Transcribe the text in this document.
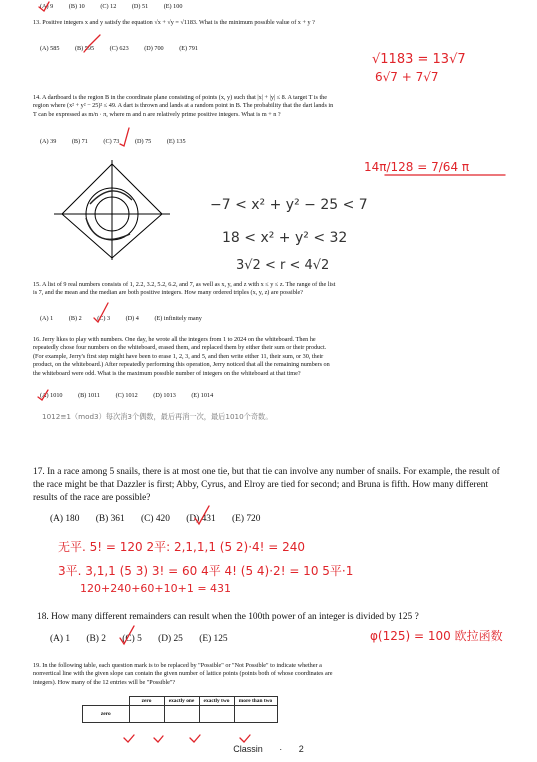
(A) 9	(B) 10	(C) 12	(D) 51	(E) 100
13. Positive integers x and y satisfy the equation √x + √y = √1183. What is the minimum possible value of x + y ?
(A) 585	(B) 595	(C) 623	(D) 700	(E) 791
√1183 = 13√7
6√7 + 7√7
14. A dartboard is the region B in the coordinate plane consisting of points (x, y) such that |x| + |y| ≤ 8. A target T is the region where (x² + y² − 25)² ≤ 49. A dart is thrown and lands at a random point in B. The probability that the dart lands in T can be expressed as m/n · π, where m and n are relatively prime positive integers. What is m + n ?
(A) 39	(B) 71	(C) 73	(D) 75	(E) 135
14π/128 = 7/64 π
−7 < x² + y² − 25 < 7
18 < x² + y² < 32
3√2 < r < 4√2
15. A list of 9 real numbers consists of 1, 2.2, 3.2, 5.2, 6.2, and 7, as well as x, y, and z with x ≤ y ≤ z. The range of the list is 7, and the mean and the median are both positive integers. How many ordered triples (x, y, z) are possible?
(A) 1	(B) 2	(C) 3	(D) 4	(E) infinitely many
16. Jerry likes to play with numbers. One day, he wrote all the integers from 1 to 2024 on the whiteboard. Then he repeatedly chose four numbers on the whiteboard, erased them, and replaced them by either their sum or their product. (For example, Jerry's first step might have been to erase 1, 2, 3, and 5, and then write either 11, their sum, or 30, their product, on the whiteboard.) After repeatedly performing this operation, Jerry noticed that all the remaining numbers on the whiteboard were odd. What is the maximum possible number of integers on the whiteboard at that time?
(A) 1010	(B) 1011	(C) 1012	(D) 1013	(E) 1014
1012≡1（mod3）每次消3个偶数，最后再消一次，最后1010个奇数。
17. In a race among 5 snails, there is at most one tie, but that tie can involve any number of snails. For example, the result of the race might be that Dazzler is first; Abby, Cyrus, and Elroy are tied for second; and Bruna is fifth. How many different results of the race are possible?
(A) 180 (B) 361 (C) 420 (D) 431 (E) 720
无平. 5! = 120 2平: 2,1,1,1 (5 2)·4! = 240
3平. 3,1,1 (5 3) 3! = 60 4平 4! (5 4)·2! = 10 5平·1
120+240+60+10+1 = 431
18. How many different remainders can result when the 100th power of an integer is divided by 125 ?
(A) 1 (B) 2 (C) 5 (D) 25 (E) 125	φ(125) = 100 欧拉函数
19. In the following table, each question mark is to be replaced by "Possible" or "Not Possible" to indicate whether a nonvertical line with the given slope can contain the given number of lattice points (points both of whose coordinates are integers). How many of the 12 entries will be "Possible"?
	zero	exactly one	exactly two	more than two
zero				
Classin · 2
